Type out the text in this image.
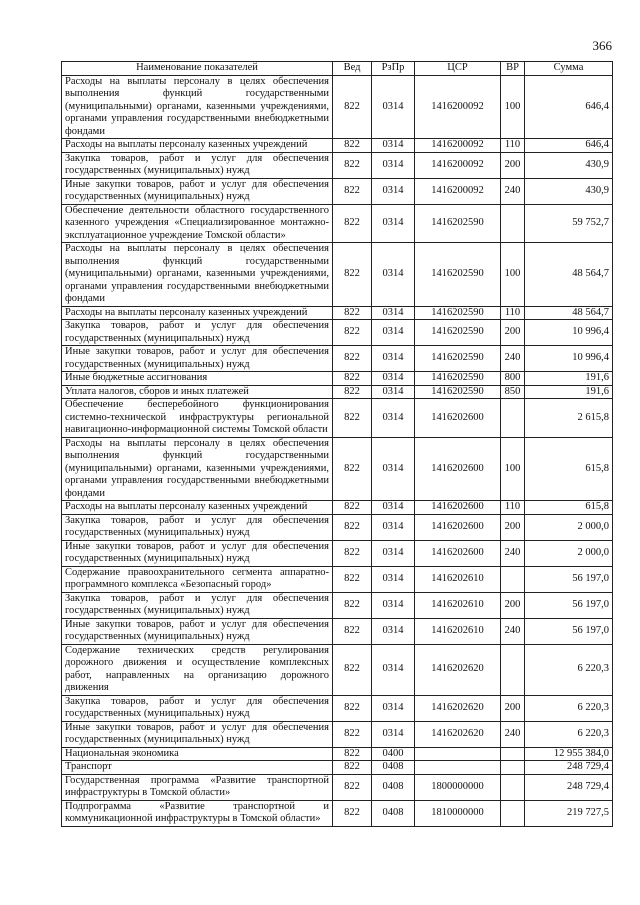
366
Наименование показателей	Вед	РзПр	ЦСР	ВР	Сумма
Расходы на выплаты персоналу в целях обеспечения выполнения функций государственными (муниципальными) органами, казенными учреждениями, органами управления государственными внебюджетными фондами	822	0314	1416200092	100	646,4
Расходы на выплаты персоналу казенных учреждений	822	0314	1416200092	110	646,4
Закупка товаров, работ и услуг для обеспечения государственных (муниципальных) нужд	822	0314	1416200092	200	430,9
Иные закупки товаров, работ и услуг для обеспечения государственных (муниципальных) нужд	822	0314	1416200092	240	430,9
Обеспечение деятельности областного государственного казенного учреждения «Специализированное монтажно-эксплуатационное учреждение Томской области»	822	0314	1416202590		59 752,7
Расходы на выплаты персоналу в целях обеспечения выполнения функций государственными (муниципальными) органами, казенными учреждениями, органами управления государственными внебюджетными фондами	822	0314	1416202590	100	48 564,7
Расходы на выплаты персоналу казенных учреждений	822	0314	1416202590	110	48 564,7
Закупка товаров, работ и услуг для обеспечения государственных (муниципальных) нужд	822	0314	1416202590	200	10 996,4
Иные закупки товаров, работ и услуг для обеспечения государственных (муниципальных) нужд	822	0314	1416202590	240	10 996,4
Иные бюджетные ассигнования	822	0314	1416202590	800	191,6
Уплата налогов, сборов и иных платежей	822	0314	1416202590	850	191,6
Обеспечение бесперебойного функционирования системно-технической инфраструктуры региональной навигационно-информационной системы Томской области	822	0314	1416202600		2 615,8
Расходы на выплаты персоналу в целях обеспечения выполнения функций государственными (муниципальными) органами, казенными учреждениями, органами управления государственными внебюджетными фондами	822	0314	1416202600	100	615,8
Расходы на выплаты персоналу казенных учреждений	822	0314	1416202600	110	615,8
Закупка товаров, работ и услуг для обеспечения государственных (муниципальных) нужд	822	0314	1416202600	200	2 000,0
Иные закупки товаров, работ и услуг для обеспечения государственных (муниципальных) нужд	822	0314	1416202600	240	2 000,0
Содержание правоохранительного сегмента аппаратно-программного комплекса «Безопасный город»	822	0314	1416202610		56 197,0
Закупка товаров, работ и услуг для обеспечения государственных (муниципальных) нужд	822	0314	1416202610	200	56 197,0
Иные закупки товаров, работ и услуг для обеспечения государственных (муниципальных) нужд	822	0314	1416202610	240	56 197,0
Содержание технических средств регулирования дорожного движения и осуществление комплексных работ, направленных на организацию дорожного движения	822	0314	1416202620		6 220,3
Закупка товаров, работ и услуг для обеспечения государственных (муниципальных) нужд	822	0314	1416202620	200	6 220,3
Иные закупки товаров, работ и услуг для обеспечения государственных (муниципальных) нужд	822	0314	1416202620	240	6 220,3
Национальная экономика	822	0400			12 955 384,0
Транспорт	822	0408			248 729,4
Государственная программа «Развитие транспортной инфраструктуры в Томской области»	822	0408	1800000000		248 729,4
Подпрограмма «Развитие транспортной и коммуникационной инфраструктуры в Томской области»	822	0408	1810000000		219 727,5
